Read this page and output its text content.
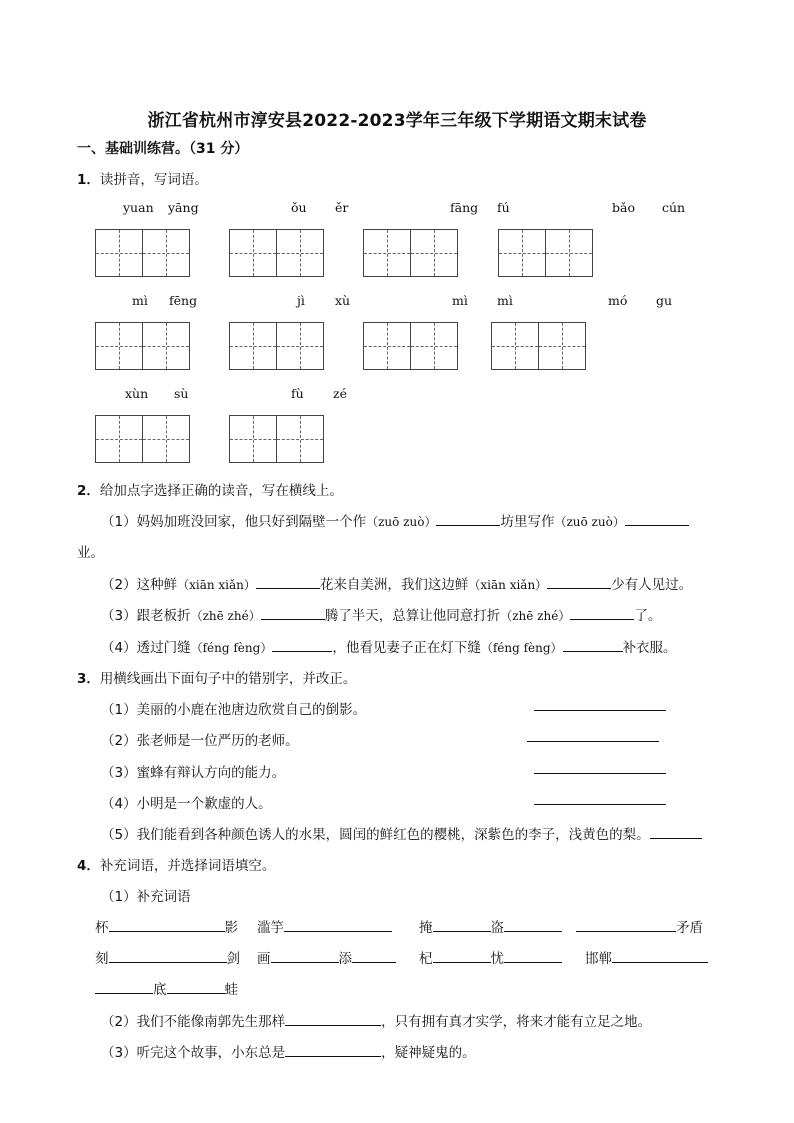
浙江省杭州市淳安县2022-2023学年三年级下学期语文期末试卷
一、基础训练营。（31 分）
1．读拼音，写词语。
yuan yāng	ǒu ěr	fāng fú	bǎo cún
mì fēng	jì xù	mì mì	mó gu
xùn sù	fù zé
2．给加点字选择正确的读音，写在横线上。
（1）妈妈加班没回家，他只好到隔壁一个作（zuō zuò）	坊里写作（zuō zuò）
业。
（2）这种鲜（xiān xiǎn）	花来自美洲，我们这边鲜（xiān xiǎn）	少有人见过。
（3）跟老板折（zhē zhé）	腾了半天，总算让他同意打折（zhē zhé）	了。
（4）透过门缝（féng fèng）	，他看见妻子正在灯下缝（féng fèng）	补衣服。
3．用横线画出下面句子中的错别字，并改正。
（1）美丽的小鹿在池唐边欣赏自己的倒影。
（2）张老师是一位严历的老师。
（3）蜜蜂有辩认方向的能力。
（4）小明是一个歉虚的人。
（5）我们能看到各种颜色诱人的水果，圆闰的鲜红色的樱桃，深紫色的李子，浅黄色的梨。
4．补充词语，并选择词语填空。
（1）补充词语
杯	影 滥竽	掩	盗	矛盾
刻	剑 画	添	杞	忧	邯郸
底	蛙
（2）我们不能像南郭先生那样	，只有拥有真才实学，将来才能有立足之地。
（3）听完这个故事，小东总是	，疑神疑鬼的。
